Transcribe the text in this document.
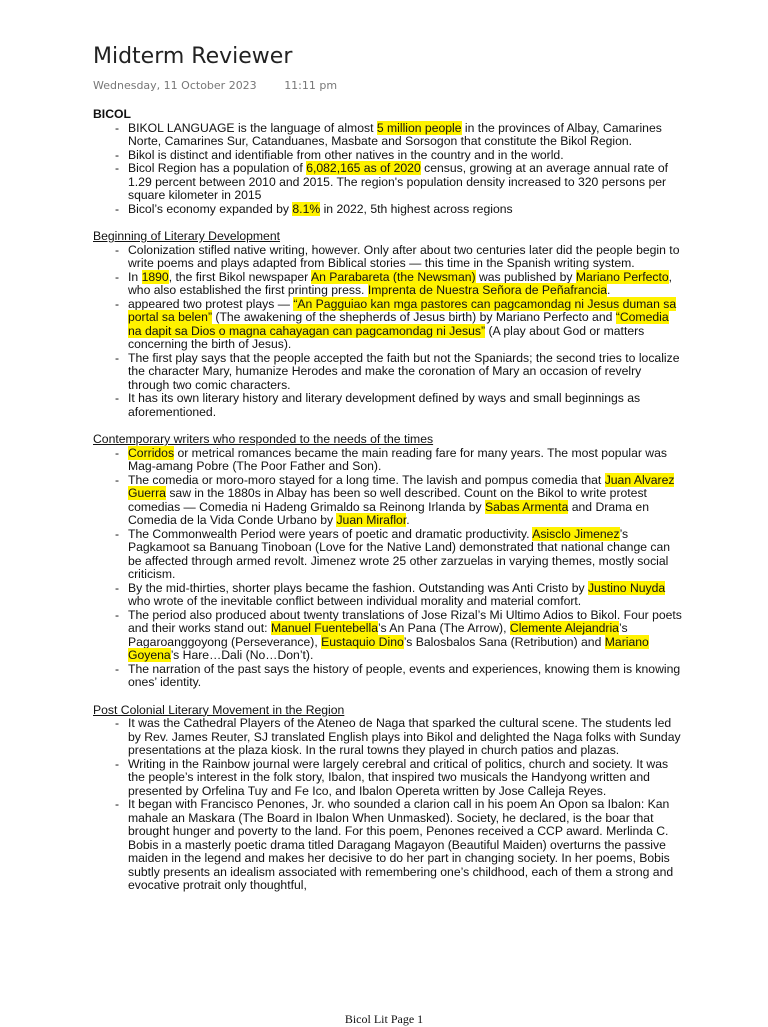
Midterm Reviewer
Wednesday, 11 October 2023	11:11 pm
BICOL
- BIKOL LANGUAGE is the language of almost 5 million people in the provinces of Albay, Camarines Norte, Camarines Sur, Catanduanes, Masbate and Sorsogon that constitute the Bikol Region.
- Bikol is distinct and identifiable from other natives in the country and in the world.
- Bicol Region has a population of 6,082,165 as of 2020 census, growing at an average annual rate of 1.29 percent between 2010 and 2015. The region's population density increased to 320 persons per square kilometer in 2015
- Bicol’s economy expanded by 8.1% in 2022, 5th highest across regions
Beginning of Literary Development
- Colonization stifled native writing, however. Only after about two centuries later did the people begin to write poems and plays adapted from Biblical stories — this time in the Spanish writing system.
- In 1890, the first Bikol newspaper An Parabareta (the Newsman) was published by Mariano Perfecto, who also established the first printing press. Imprenta de Nuestra Señora de Peñafrancia.
- appeared two protest plays — “An Pagguiao kan mga pastores can pagcamondag ni Jesus duman sa portal sa belen” (The awakening of the shepherds of Jesus birth) by Mariano Perfecto and “Comedia na dapit sa Dios o magna cahayagan can pagcamondag ni Jesus” (A play about God or matters concerning the birth of Jesus).
- The first play says that the people accepted the faith but not the Spaniards; the second tries to localize the character Mary, humanize Herodes and make the coronation of Mary an occasion of revelry through two comic characters.
- It has its own literary history and literary development defined by ways and small beginnings as aforementioned.
Contemporary writers who responded to the needs of the times
- Corridos or metrical romances became the main reading fare for many years. The most popular was Mag-amang Pobre (The Poor Father and Son).
- The comedia or moro-moro stayed for a long time. The lavish and pompus comedia that Juan Alvarez Guerra saw in the 1880s in Albay has been so well described. Count on the Bikol to write protest comedias — Comedia ni Hadeng Grimaldo sa Reinong Irlanda by Sabas Armenta and Drama en Comedia de la Vida Conde Urbano by Juan Miraflor.
- The Commonwealth Period were years of poetic and dramatic productivity. Asisclo Jimenez’s Pagkamoot sa Banuang Tinoboan (Love for the Native Land) demonstrated that national change can be affected through armed revolt. Jimenez wrote 25 other zarzuelas in varying themes, mostly social criticism.
- By the mid-thirties, shorter plays became the fashion. Outstanding was Anti Cristo by Justino Nuyda who wrote of the inevitable conflict between individual morality and material comfort.
- The period also produced about twenty translations of Jose Rizal’s Mi Ultimo Adios to Bikol. Four poets and their works stand out: Manuel Fuentebella’s An Pana (The Arrow), Clemente Alejandria’s Pagaroanggoyong (Perseverance), Eustaquio Dino’s Balosbalos Sana (Retribution) and Mariano Goyena’s Hare…Dali (No…Don’t).
- The narration of the past says the history of people, events and experiences, knowing them is knowing ones’ identity.
Post Colonial Literary Movement in the Region
- It was the Cathedral Players of the Ateneo de Naga that sparked the cultural scene. The students led by Rev. James Reuter, SJ translated English plays into Bikol and delighted the Naga folks with Sunday presentations at the plaza kiosk. In the rural towns they played in church patios and plazas.
- Writing in the Rainbow journal were largely cerebral and critical of politics, church and society. It was the people’s interest in the folk story, Ibalon, that inspired two musicals the Handyong written and presented by Orfelina Tuy and Fe Ico, and Ibalon Opereta written by Jose Calleja Reyes.
- It began with Francisco Penones, Jr. who sounded a clarion call in his poem An Opon sa Ibalon: Kan mahale an Maskara (The Board in Ibalon When Unmasked). Society, he declared, is the boar that brought hunger and poverty to the land. For this poem, Penones received a CCP award. Merlinda C. Bobis in a masterly poetic drama titled Daragang Magayon (Beautiful Maiden) overturns the passive maiden in the legend and makes her decisive to do her part in changing society. In her poems, Bobis subtly presents an idealism associated with remembering one’s childhood, each of them a strong and evocative protrait only thoughtful,
Bicol Lit Page 1
